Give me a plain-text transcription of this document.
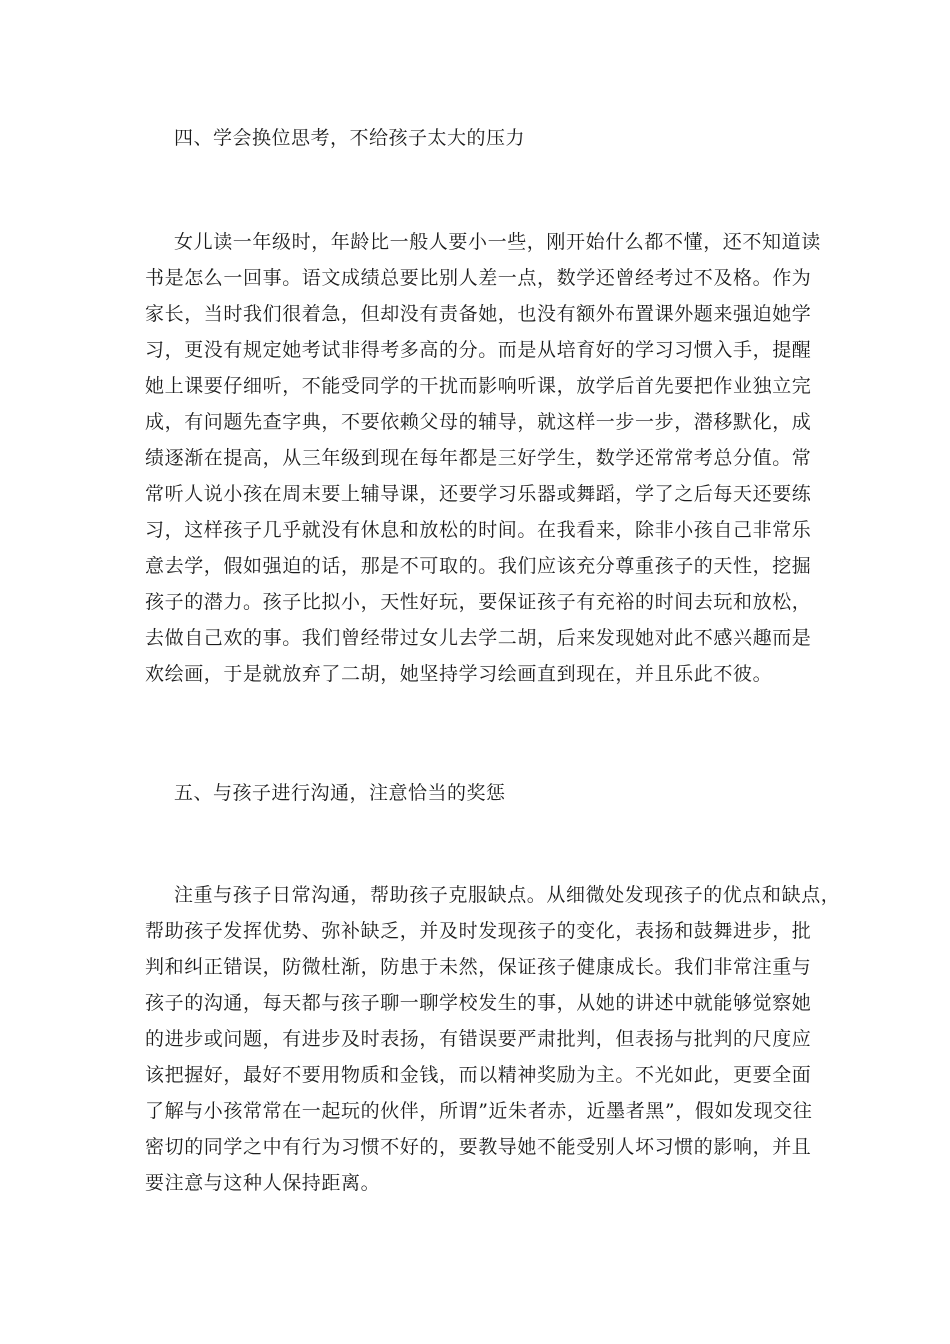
四、学会换位思考，不给孩子太大的压力
女儿读一年级时，年龄比一般人要小一些，刚开始什么都不懂，还不知道读
书是怎么一回事。语文成绩总要比别人差一点，数学还曾经考过不及格。作为
家长，当时我们很着急，但却没有责备她，也没有额外布置课外题来强迫她学
习，更没有规定她考试非得考多高的分。而是从培育好的学习习惯入手，提醒
她上课要仔细听，不能受同学的干扰而影响听课，放学后首先要把作业独立完
成，有问题先查字典，不要依赖父母的辅导，就这样一步一步，潜移默化，成
绩逐渐在提高，从三年级到现在每年都是三好学生，数学还常常考总分值。常
常听人说小孩在周末要上辅导课，还要学习乐器或舞蹈，学了之后每天还要练
习，这样孩子几乎就没有休息和放松的时间。在我看来，除非小孩自己非常乐
意去学，假如强迫的话，那是不可取的。我们应该充分尊重孩子的天性，挖掘
孩子的潜力。孩子比拟小，天性好玩，要保证孩子有充裕的时间去玩和放松，
去做自己欢的事。我们曾经带过女儿去学二胡，后来发现她对此不感兴趣而是
欢绘画，于是就放弃了二胡，她坚持学习绘画直到现在，并且乐此不彼。
五、与孩子进行沟通，注意恰当的奖惩
注重与孩子日常沟通，帮助孩子克服缺点。从细微处发现孩子的优点和缺点，
帮助孩子发挥优势、弥补缺乏，并及时发现孩子的变化，表扬和鼓舞进步，批
判和纠正错误，防微杜渐，防患于未然，保证孩子健康成长。我们非常注重与
孩子的沟通，每天都与孩子聊一聊学校发生的事，从她的讲述中就能够觉察她
的进步或问题，有进步及时表扬，有错误要严肃批判，但表扬与批判的尺度应
该把握好，最好不要用物质和金钱，而以精神奖励为主。不光如此，更要全面
了解与小孩常常在一起玩的伙伴，所谓”近朱者赤，近墨者黑”，假如发现交往
密切的同学之中有行为习惯不好的，要教导她不能受别人坏习惯的影响，并且
要注意与这种人保持距离。
